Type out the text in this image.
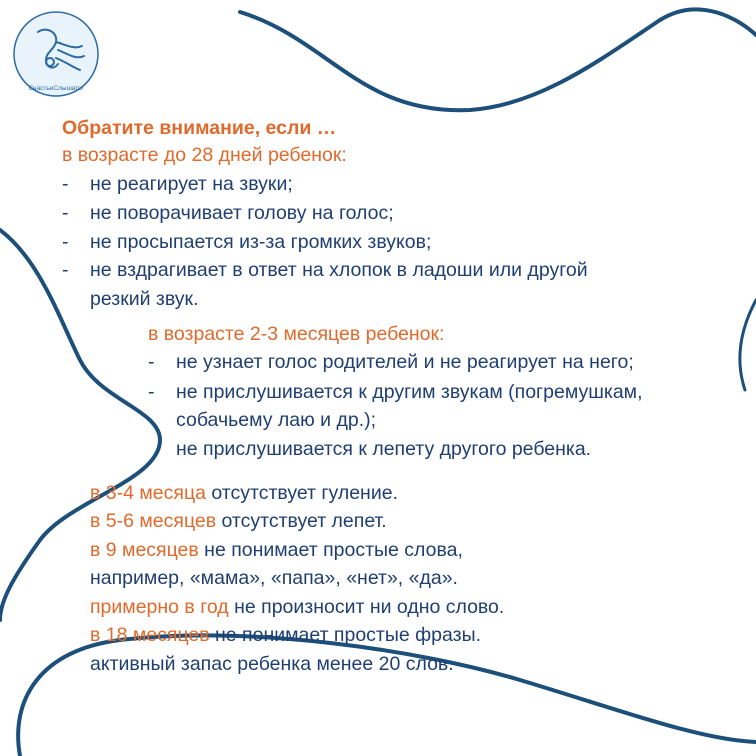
СчастьеСлышать!
Обратите внимание, если …
в возрасте до 28 дней ребенок:
- не реагирует на звуки;
- не поворачивает голову на голос;
- не просыпается из-за громких звуков;
- не вздрагивает в ответ на хлопок в ладоши или другой
резкий звук.
в возрасте 2-3 месяцев ребенок:
- не узнает голос родителей и не реагирует на него;
- не прислушивается к другим звукам (погремушкам,
собачьему лаю и др.);
не прислушивается к лепету другого ребенка.
в 3-4 месяца отсутствует гуление.
в 5-6 месяцев отсутствует лепет.
в 9 месяцев не понимает простые слова,
например, «мама», «папа», «нет», «да».
примерно в год не произносит ни одно слово.
в 18 месяцев не понимает простые фразы.
активный запас ребенка менее 20 слов.
